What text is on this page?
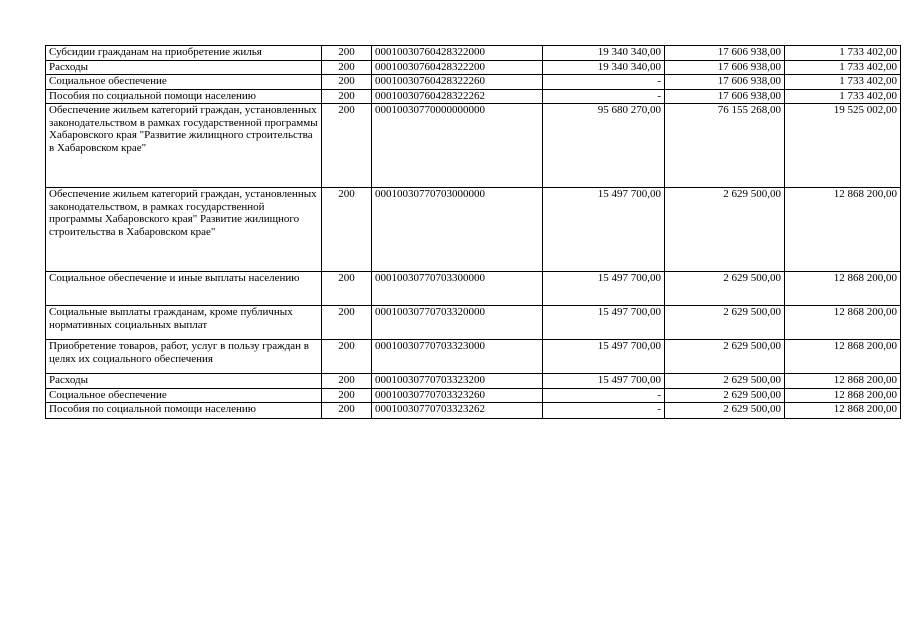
Субсидии гражданам на приобретение жилья	200	00010030760428322000	19 340 340,00	17 606 938,00	1 733 402,00
Расходы	200	00010030760428322200	19 340 340,00	17 606 938,00	1 733 402,00
Социальное обеспечение	200	00010030760428322260	-	17 606 938,00	1 733 402,00
Пособия по социальной помощи населению	200	00010030760428322262	-	17 606 938,00	1 733 402,00
Обеспечение жильем категорий граждан, установленных законодательством в рамках государственной программы Хабаровского края "Развитие жилищного строительства в Хабаровском крае"	200	00010030770000000000	95 680 270,00	76 155 268,00	19 525 002,00
Обеспечение жильем категорий граждан, установленных законодательством, в рамках государственной программы Хабаровского края" Развитие жилищного строительства в Хабаровском крае"	200	00010030770703000000	15 497 700,00	2 629 500,00	12 868 200,00
Социальное обеспечение и иные выплаты населению	200	00010030770703300000	15 497 700,00	2 629 500,00	12 868 200,00
Социальные выплаты гражданам, кроме публичных нормативных социальных выплат	200	00010030770703320000	15 497 700,00	2 629 500,00	12 868 200,00
Приобретение товаров, работ, услуг в пользу граждан в целях их социального обеспечения	200	00010030770703323000	15 497 700,00	2 629 500,00	12 868 200,00
Расходы	200	00010030770703323200	15 497 700,00	2 629 500,00	12 868 200,00
Социальное обеспечение	200	00010030770703323260	-	2 629 500,00	12 868 200,00
Пособия по социальной помощи населению	200	00010030770703323262	-	2 629 500,00	12 868 200,00
